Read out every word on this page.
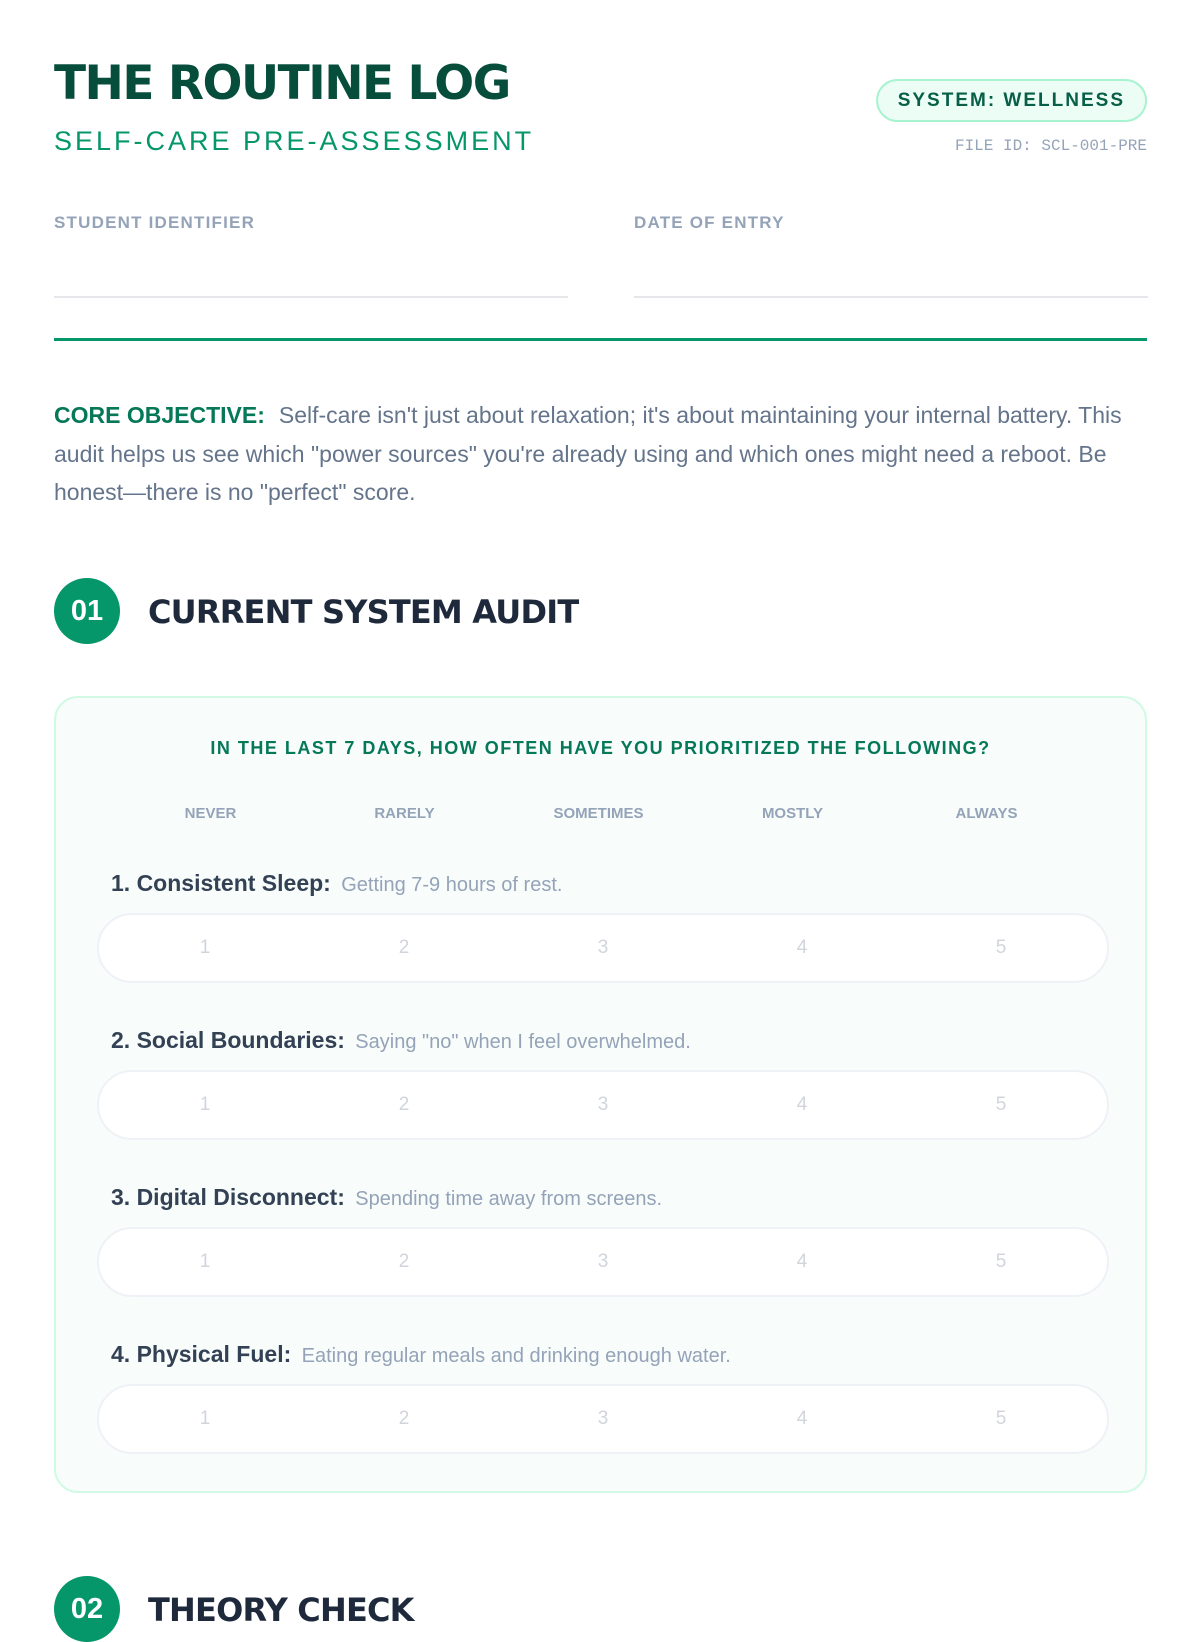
THE ROUTINE LOG
SELF-CARE PRE-ASSESSMENT
SYSTEM: WELLNESS
FILE ID: SCL-001-PRE
STUDENT IDENTIFIER	DATE OF ENTRY

CORE OBJECTIVE: Self-care isn't just about relaxation; it's about maintaining your internal battery. This audit helps us see which "power sources" you're already using and which ones might need a reboot. Be honest—there is no "perfect" score.

01	CURRENT SYSTEM AUDIT
IN THE LAST 7 DAYS, HOW OFTEN HAVE YOU PRIORITIZED THE FOLLOWING?
NEVER	RARELY	SOMETIMES	MOSTLY	ALWAYS
1. Consistent Sleep: Getting 7-9 hours of rest.
1	2	3	4	5
2. Social Boundaries: Saying "no" when I feel overwhelmed.
1	2	3	4	5
3. Digital Disconnect: Spending time away from screens.
1	2	3	4	5
4. Physical Fuel: Eating regular meals and drinking enough water.
1	2	3	4	5
02	THEORY CHECK
